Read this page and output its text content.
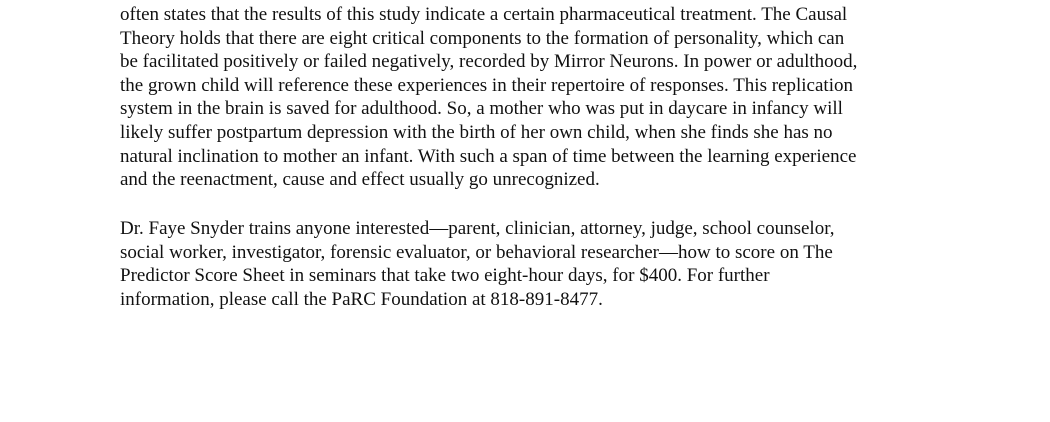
often states that the results of this study indicate a certain pharmaceutical treatment. The Causal
Theory holds that there are eight critical components to the formation of personality, which can
be facilitated positively or failed negatively, recorded by Mirror Neurons. In power or adulthood,
the grown child will reference these experiences in their repertoire of responses. This replication
system in the brain is saved for adulthood. So, a mother who was put in daycare in infancy will
likely suffer postpartum depression with the birth of her own child, when she finds she has no
natural inclination to mother an infant. With such a span of time between the learning experience
and the reenactment, cause and effect usually go unrecognized.
Dr. Faye Snyder trains anyone interested—parent, clinician, attorney, judge, school counselor,
social worker, investigator, forensic evaluator, or behavioral researcher—how to score on The
Predictor Score Sheet in seminars that take two eight-hour days, for $400. For further
information, please call the PaRC Foundation at 818-891-8477.
